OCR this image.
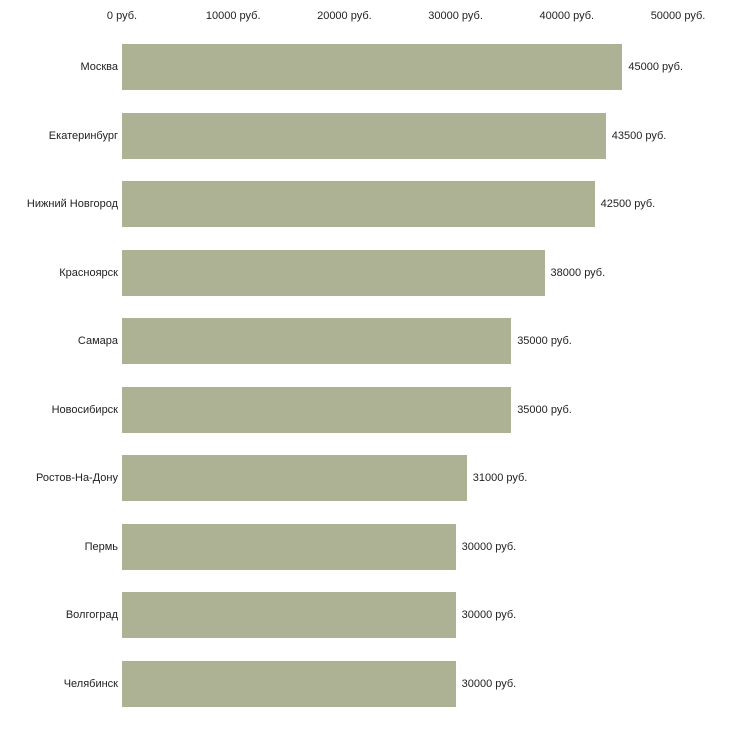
0 руб.	10000 руб.	20000 руб.	30000 руб.	40000 руб.	50000 руб.
Москва
Екатеринбург
Нижний Новгород
Красноярск
Самара
Новосибирск
Ростов-На-Дону
Пермь
Волгоград
Челябинск
45000 руб.
43500 руб.
42500 руб.
38000 руб.
35000 руб.
35000 руб.
31000 руб.
30000 руб.
30000 руб.
30000 руб.
